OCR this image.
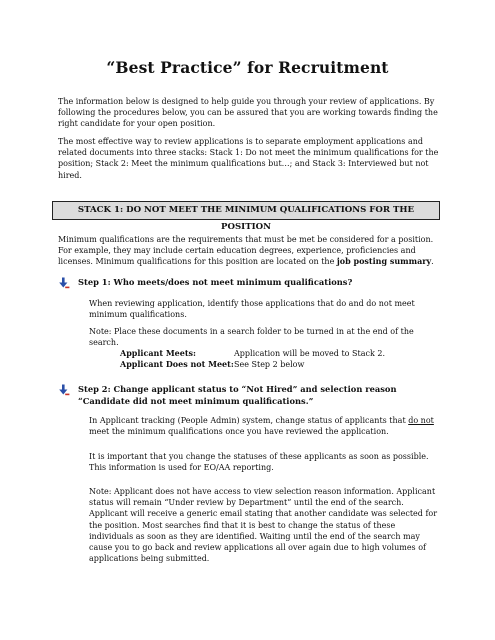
“Best Practice” for Recruitment

The information below is designed to help guide you through your review of applications. By following the procedures below, you can be assured that you are working towards finding the right candidate for your open position.

The most effective way to review applications is to separate employment applications and related documents into three stacks: Stack 1: Do not meet the minimum qualifications for the position; Stack 2: Meet the minimum qualifications but…; and Stack 3: Interviewed but not hired.

STACK 1: DO NOT MEET THE MINIMUM QUALIFICATIONS FOR THE POSITION

Minimum qualifications are the requirements that must be met be considered for a position. For example, they may include certain education degrees, experience, proficiencies and licenses. Minimum qualifications for this position are located on the job posting summary.

Step 1: Who meets/does not meet minimum qualifications?

When reviewing application, identify those applications that do and do not meet minimum qualifications.

Note: Place these documents in a search folder to be turned in at the end of the search.

Applicant Meets:	Application will be moved to Stack 2.
Applicant Does not Meet: See Step 2 below
Step 2: Change applicant status to “Not Hired” and selection reason “Candidate did not meet minimum qualifications.”

In Applicant tracking (People Admin) system, change status of applicants that do not meet the minimum qualifications once you have reviewed the application.

It is important that you change the statuses of these applicants as soon as possible. This information is used for EO/AA reporting.

Note: Applicant does not have access to view selection reason information. Applicant status will remain “Under review by Department” until the end of the search. Applicant will receive a generic email stating that another candidate was selected for the position. Most searches find that it is best to change the status of these individuals as soon as they are identified. Waiting until the end of the search may cause you to go back and review applications all over again due to high volumes of applications being submitted.
